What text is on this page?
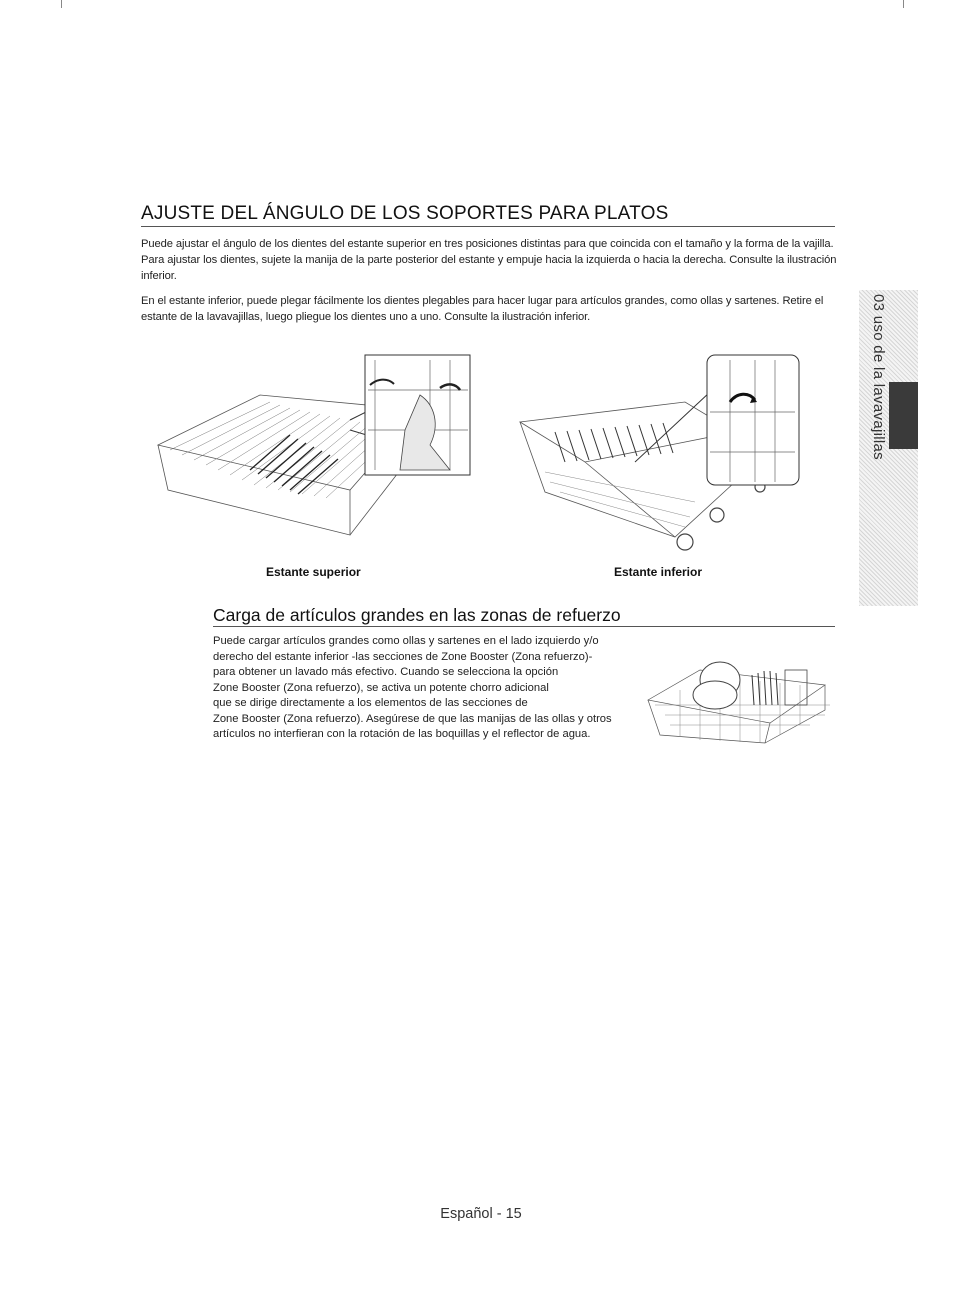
AJUSTE DEL ÁNGULO DE LOS SOPORTES PARA PLATOS
Puede ajustar el ángulo de los dientes del estante superior en tres posiciones distintas para que coincida con el tamaño y la forma de la vajilla. Para ajustar los dientes, sujete la manija de la parte posterior del estante y empuje hacia la izquierda o hacia la derecha. Consulte la ilustración inferior.
En el estante inferior, puede plegar fácilmente los dientes plegables para hacer lugar para artículos grandes, como ollas y sartenes. Retire el estante de la lavavajillas, luego pliegue los dientes uno a uno. Consulte la ilustración inferior.
Estante superior	Estante inferior
Carga de artículos grandes en las zonas de refuerzo
Puede cargar artículos grandes como ollas y sartenes en el lado izquierdo y/o
derecho del estante inferior -las secciones de Zone Booster (Zona refuerzo)-
para obtener un lavado más efectivo. Cuando se selecciona la opción
Zone Booster (Zona refuerzo), se activa un potente chorro adicional
que se dirige directamente a los elementos de las secciones de
Zone Booster (Zona refuerzo). Asegúrese de que las manijas de las ollas y otros
artículos no interfieran con la rotación de las boquillas y el reflector de agua.
03 uso de la lavavajillas
Español - 15
